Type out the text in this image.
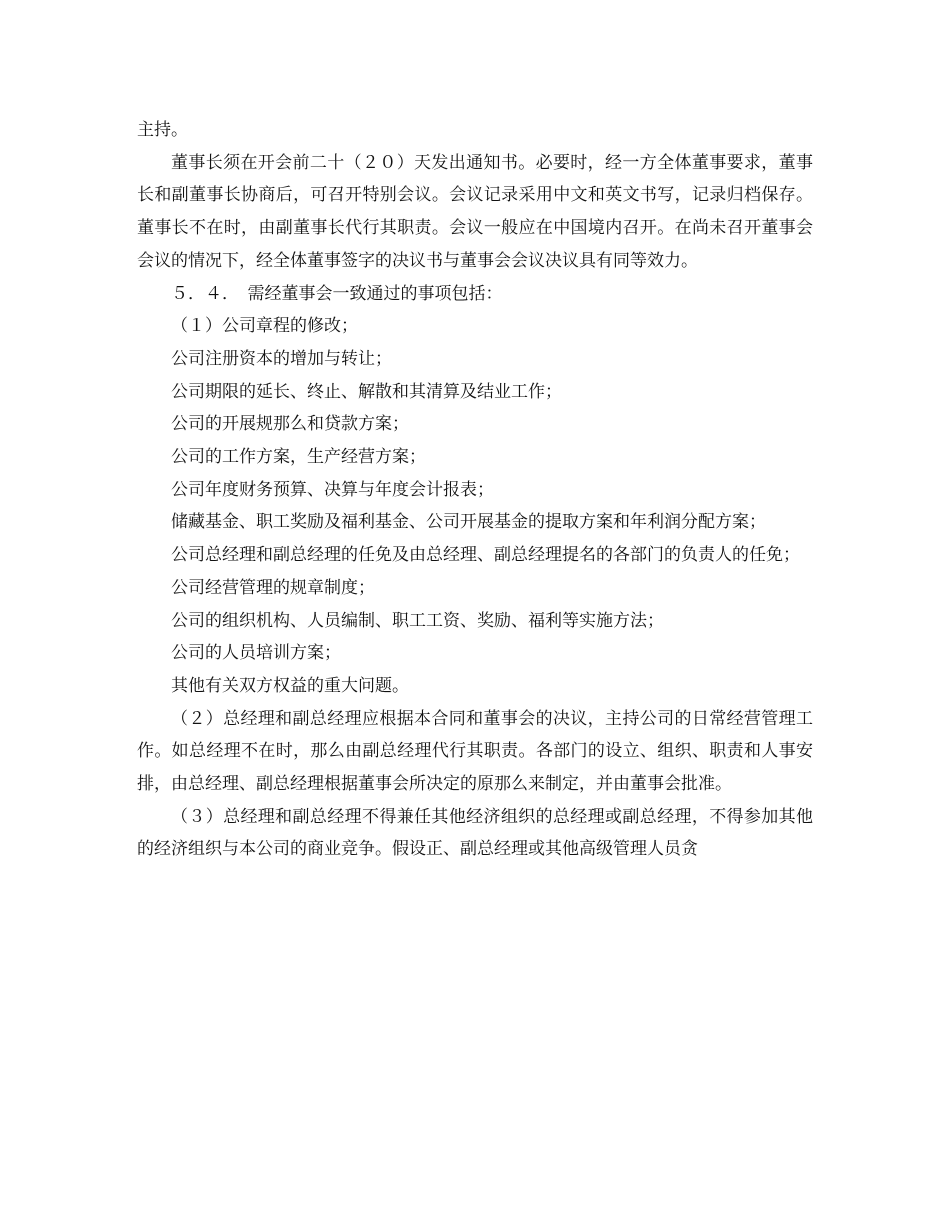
主持。

董事长须在开会前二十（２０）天发出通知书。必要时，经一方全体董事要求，董事长和副董事长协商后，可召开特别会议。会议记录采用中文和英文书写，记录归档保存。董事长不在时，由副董事长代行其职责。会议一般应在中国境内召开。在尚未召开董事会会议的情况下，经全体董事签字的决议书与董事会会议决议具有同等效力。

５．４．　需经董事会一致通过的事项包括：

（１）公司章程的修改；

公司注册资本的增加与转让；

公司期限的延长、终止、解散和其清算及结业工作；

公司的开展规那么和贷款方案；

公司的工作方案，生产经营方案；

公司年度财务预算、决算与年度会计报表；

储藏基金、职工奖励及福利基金、公司开展基金的提取方案和年利润分配方案；

公司总经理和副总经理的任免及由总经理、副总经理提名的各部门的负责人的任免；

公司经营管理的规章制度；

公司的组织机构、人员编制、职工工资、奖励、福利等实施方法；

公司的人员培训方案；

其他有关双方权益的重大问题。

（２）总经理和副总经理应根据本合同和董事会的决议，主持公司的日常经营管理工作。如总经理不在时，那么由副总经理代行其职责。各部门的设立、组织、职责和人事安排，由总经理、副总经理根据董事会所决定的原那么来制定，并由董事会批准。

（３）总经理和副总经理不得兼任其他经济组织的总经理或副总经理，不得参加其他的经济组织与本公司的商业竞争。假设正、副总经理或其他高级管理人员贪
